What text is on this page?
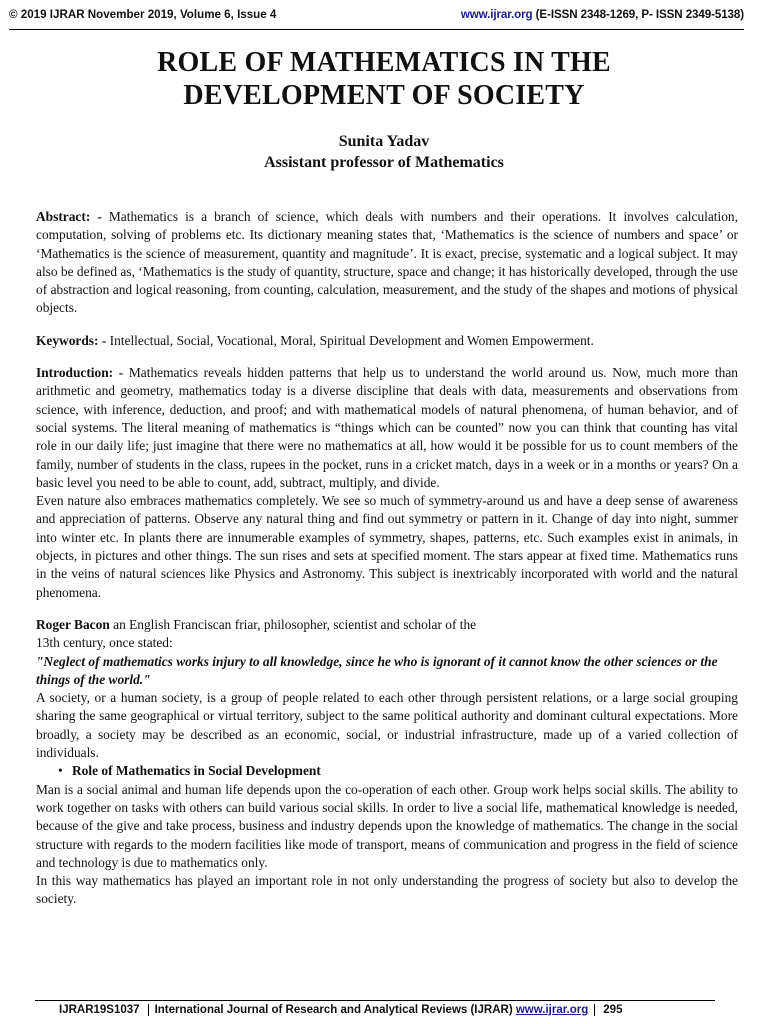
© 2019 IJRAR November 2019, Volume 6, Issue 4	www.ijrar.org (E-ISSN 2348-1269, P- ISSN 2349-5138)
ROLE OF MATHEMATICS IN THE
DEVELOPMENT OF SOCIETY
Sunita Yadav
Assistant professor of Mathematics

Abstract: - Mathematics is a branch of science, which deals with numbers and their operations. It involves calculation, computation, solving of problems etc. Its dictionary meaning states that, ‘Mathematics is the science of numbers and space’ or ‘Mathematics is the science of measurement, quantity and magnitude’. It is exact, precise, systematic and a logical subject. It may also be defined as, ‘Mathematics is the study of quantity, structure, space and change; it has historically developed, through the use of abstraction and logical reasoning, from counting, calculation, measurement, and the study of the shapes and motions of physical objects.

Keywords: - Intellectual, Social, Vocational, Moral, Spiritual Development and Women Empowerment.

Introduction: - Mathematics reveals hidden patterns that help us to understand the world around us. Now, much more than arithmetic and geometry, mathematics today is a diverse discipline that deals with data, measurements and observations from science, with inference, deduction, and proof; and with mathematical models of natural phenomena, of human behavior, and of social systems. The literal meaning of mathematics is “things which can be counted” now you can think that counting has vital role in our daily life; just imagine that there were no mathematics at all, how would it be possible for us to count members of the family, number of students in the class, rupees in the pocket, runs in a cricket match, days in a week or in a months or years? On a basic level you need to be able to count, add, subtract, multiply, and divide.

Even nature also embraces mathematics completely. We see so much of symmetry-around us and have a deep sense of awareness and appreciation of patterns. Observe any natural thing and find out symmetry or pattern in it. Change of day into night, summer into winter etc. In plants there are innumerable examples of symmetry, shapes, patterns, etc. Such examples exist in animals, in objects, in pictures and other things. The sun rises and sets at specified moment. The stars appear at fixed time. Mathematics runs in the veins of natural sciences like Physics and Astronomy. This subject is inextricably incorporated with world and the natural phenomena.

Roger Bacon an English Franciscan friar, philosopher, scientist and scholar of the

13th century, once stated:

"Neglect of mathematics works injury to all knowledge, since he who is ignorant of it cannot know the other sciences or the things of the world."

A society, or a human society, is a group of people related to each other through persistent relations, or a large social grouping sharing the same geographical or virtual territory, subject to the same political authority and dominant cultural expectations. More broadly, a society may be described as an economic, social, or industrial infrastructure, made up of a varied collection of individuals.

• Role of Mathematics in Social Development

Man is a social animal and human life depends upon the co-operation of each other. Group work helps social skills. The ability to work together on tasks with others can build various social skills. In order to live a social life, mathematical knowledge is needed, because of the give and take process, business and industry depends upon the knowledge of mathematics. The change in the social structure with regards to the modern facilities like mode of transport, means of communication and progress in the field of science and technology is due to mathematics only.

In this way mathematics has played an important role in not only understanding the progress of society but also to develop the society.

IJRAR19S1037	International Journal of Research and Analytical Reviews (IJRAR) www.ijrar.org	295
